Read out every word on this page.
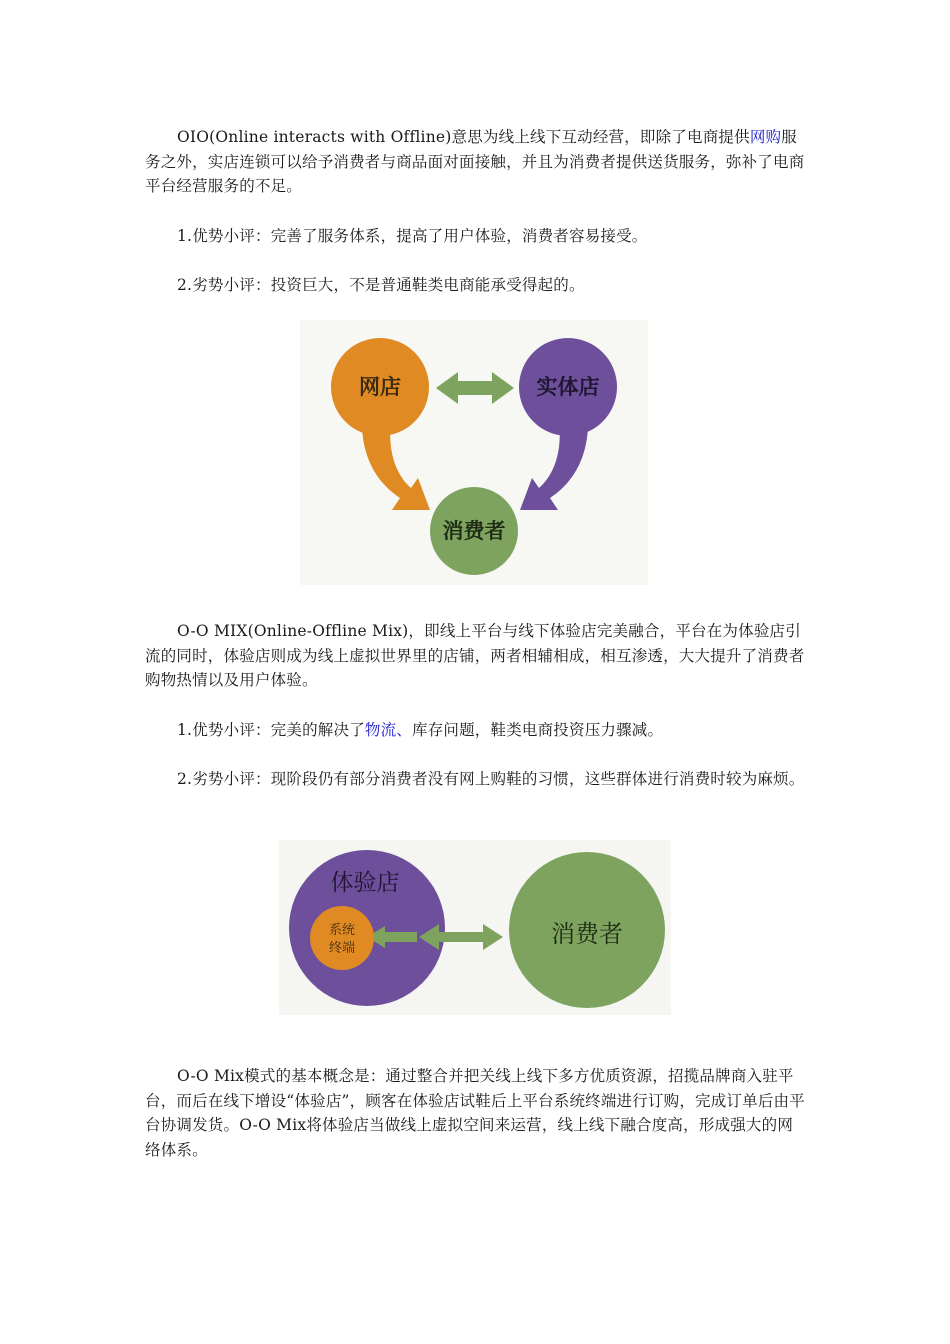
OIO(Online interacts with Offline)意思为线上线下互动经营，即除了电商提供网购服务之外，实店连锁可以给予消费者与商品面对面接触，并且为消费者提供送货服务，弥补了电商平台经营服务的不足。

1.优势小评：完善了服务体系，提高了用户体验，消费者容易接受。

2.劣势小评：投资巨大，不是普通鞋类电商能承受得起的。

O-O MIX(Online-Offline Mix)，即线上平台与线下体验店完美融合，平台在为体验店引流的同时，体验店则成为线上虚拟世界里的店铺，两者相辅相成，相互渗透，大大提升了消费者购物热情以及用户体验。

1.优势小评：完美的解决了物流、库存问题，鞋类电商投资压力骤减。

2.劣势小评：现阶段仍有部分消费者没有网上购鞋的习惯，这些群体进行消费时较为麻烦。

O-O Mix模式的基本概念是：通过整合并把关线上线下多方优质资源，招揽品牌商入驻平台，而后在线下增设“体验店”，顾客在体验店试鞋后上平台系统终端进行订购，完成订单后由平台协调发货。O-O Mix将体验店当做线上虚拟空间来运营，线上线下融合度高，形成强大的网络体系。

网店	实体店
消费者
体验店
系统
终端
消费者
